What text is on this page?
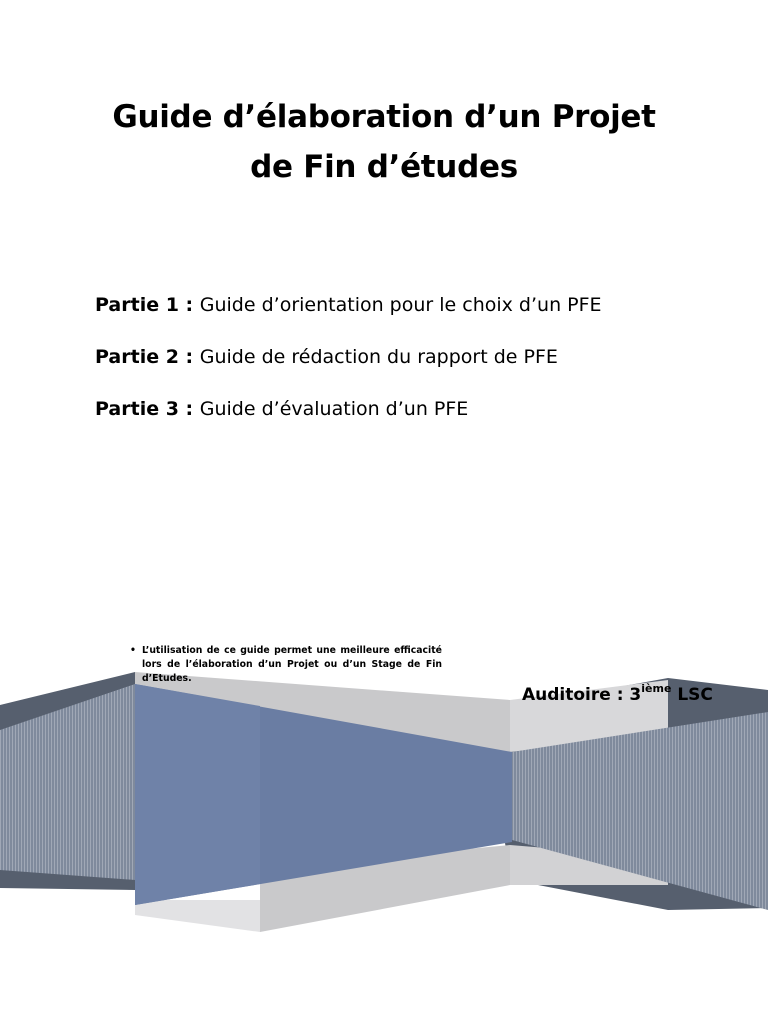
Guide d’élaboration d’un Projet
de Fin d’études
Partie 1 : Guide d’orientation pour le choix d’un PFE
Partie 2 : Guide de rédaction du rapport de PFE
Partie 3 : Guide d’évaluation d’un PFE
• L’utilisation de ce guide permet une meilleure efficacité lors de l’élaboration d’un Projet ou d’un Stage de Fin d’Etudes.
Auditoire : 3ième LSC
